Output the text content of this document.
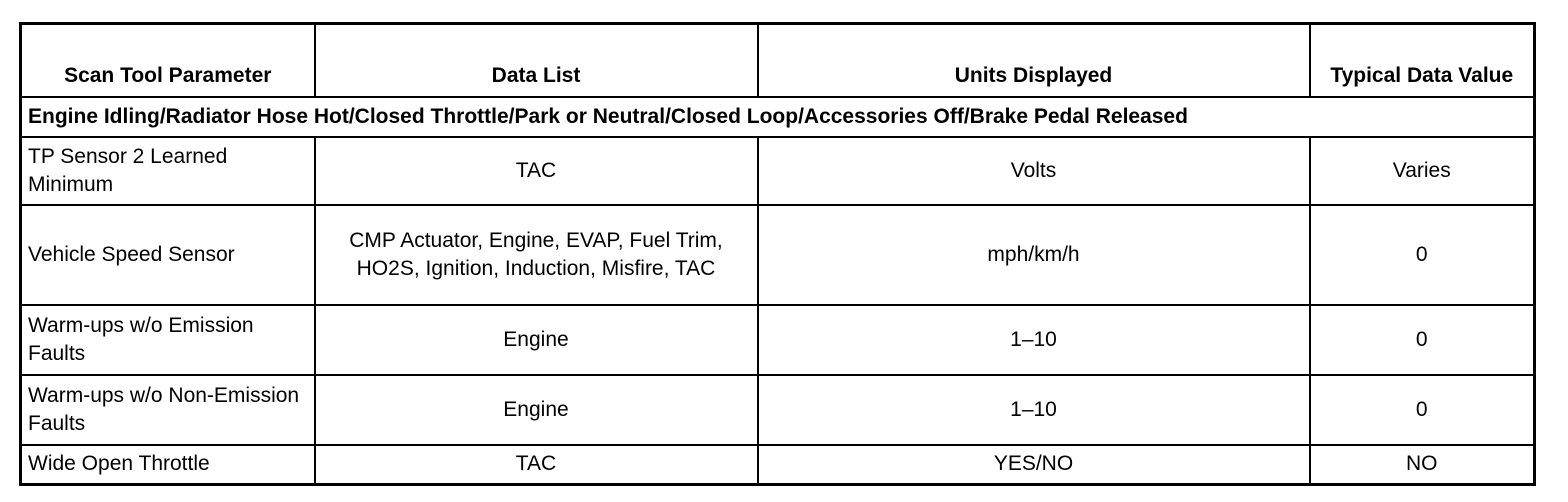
Scan Tool Parameter	Data List	Units Displayed	Typical Data Value
Engine Idling/Radiator Hose Hot/Closed Throttle/Park or Neutral/Closed Loop/Accessories Off/Brake Pedal Released			
TP Sensor 2 Learned Minimum	TAC	Volts	Varies
Vehicle Speed Sensor	CMP Actuator, Engine, EVAP, Fuel Trim, HO2S, Ignition, Induction, Misfire, TAC	mph/km/h	0
Warm-ups w/o Emission Faults	Engine	1–10	0
Warm-ups w/o Non-Emission Faults	Engine	1–10	0
Wide Open Throttle	TAC	YES/NO	NO
